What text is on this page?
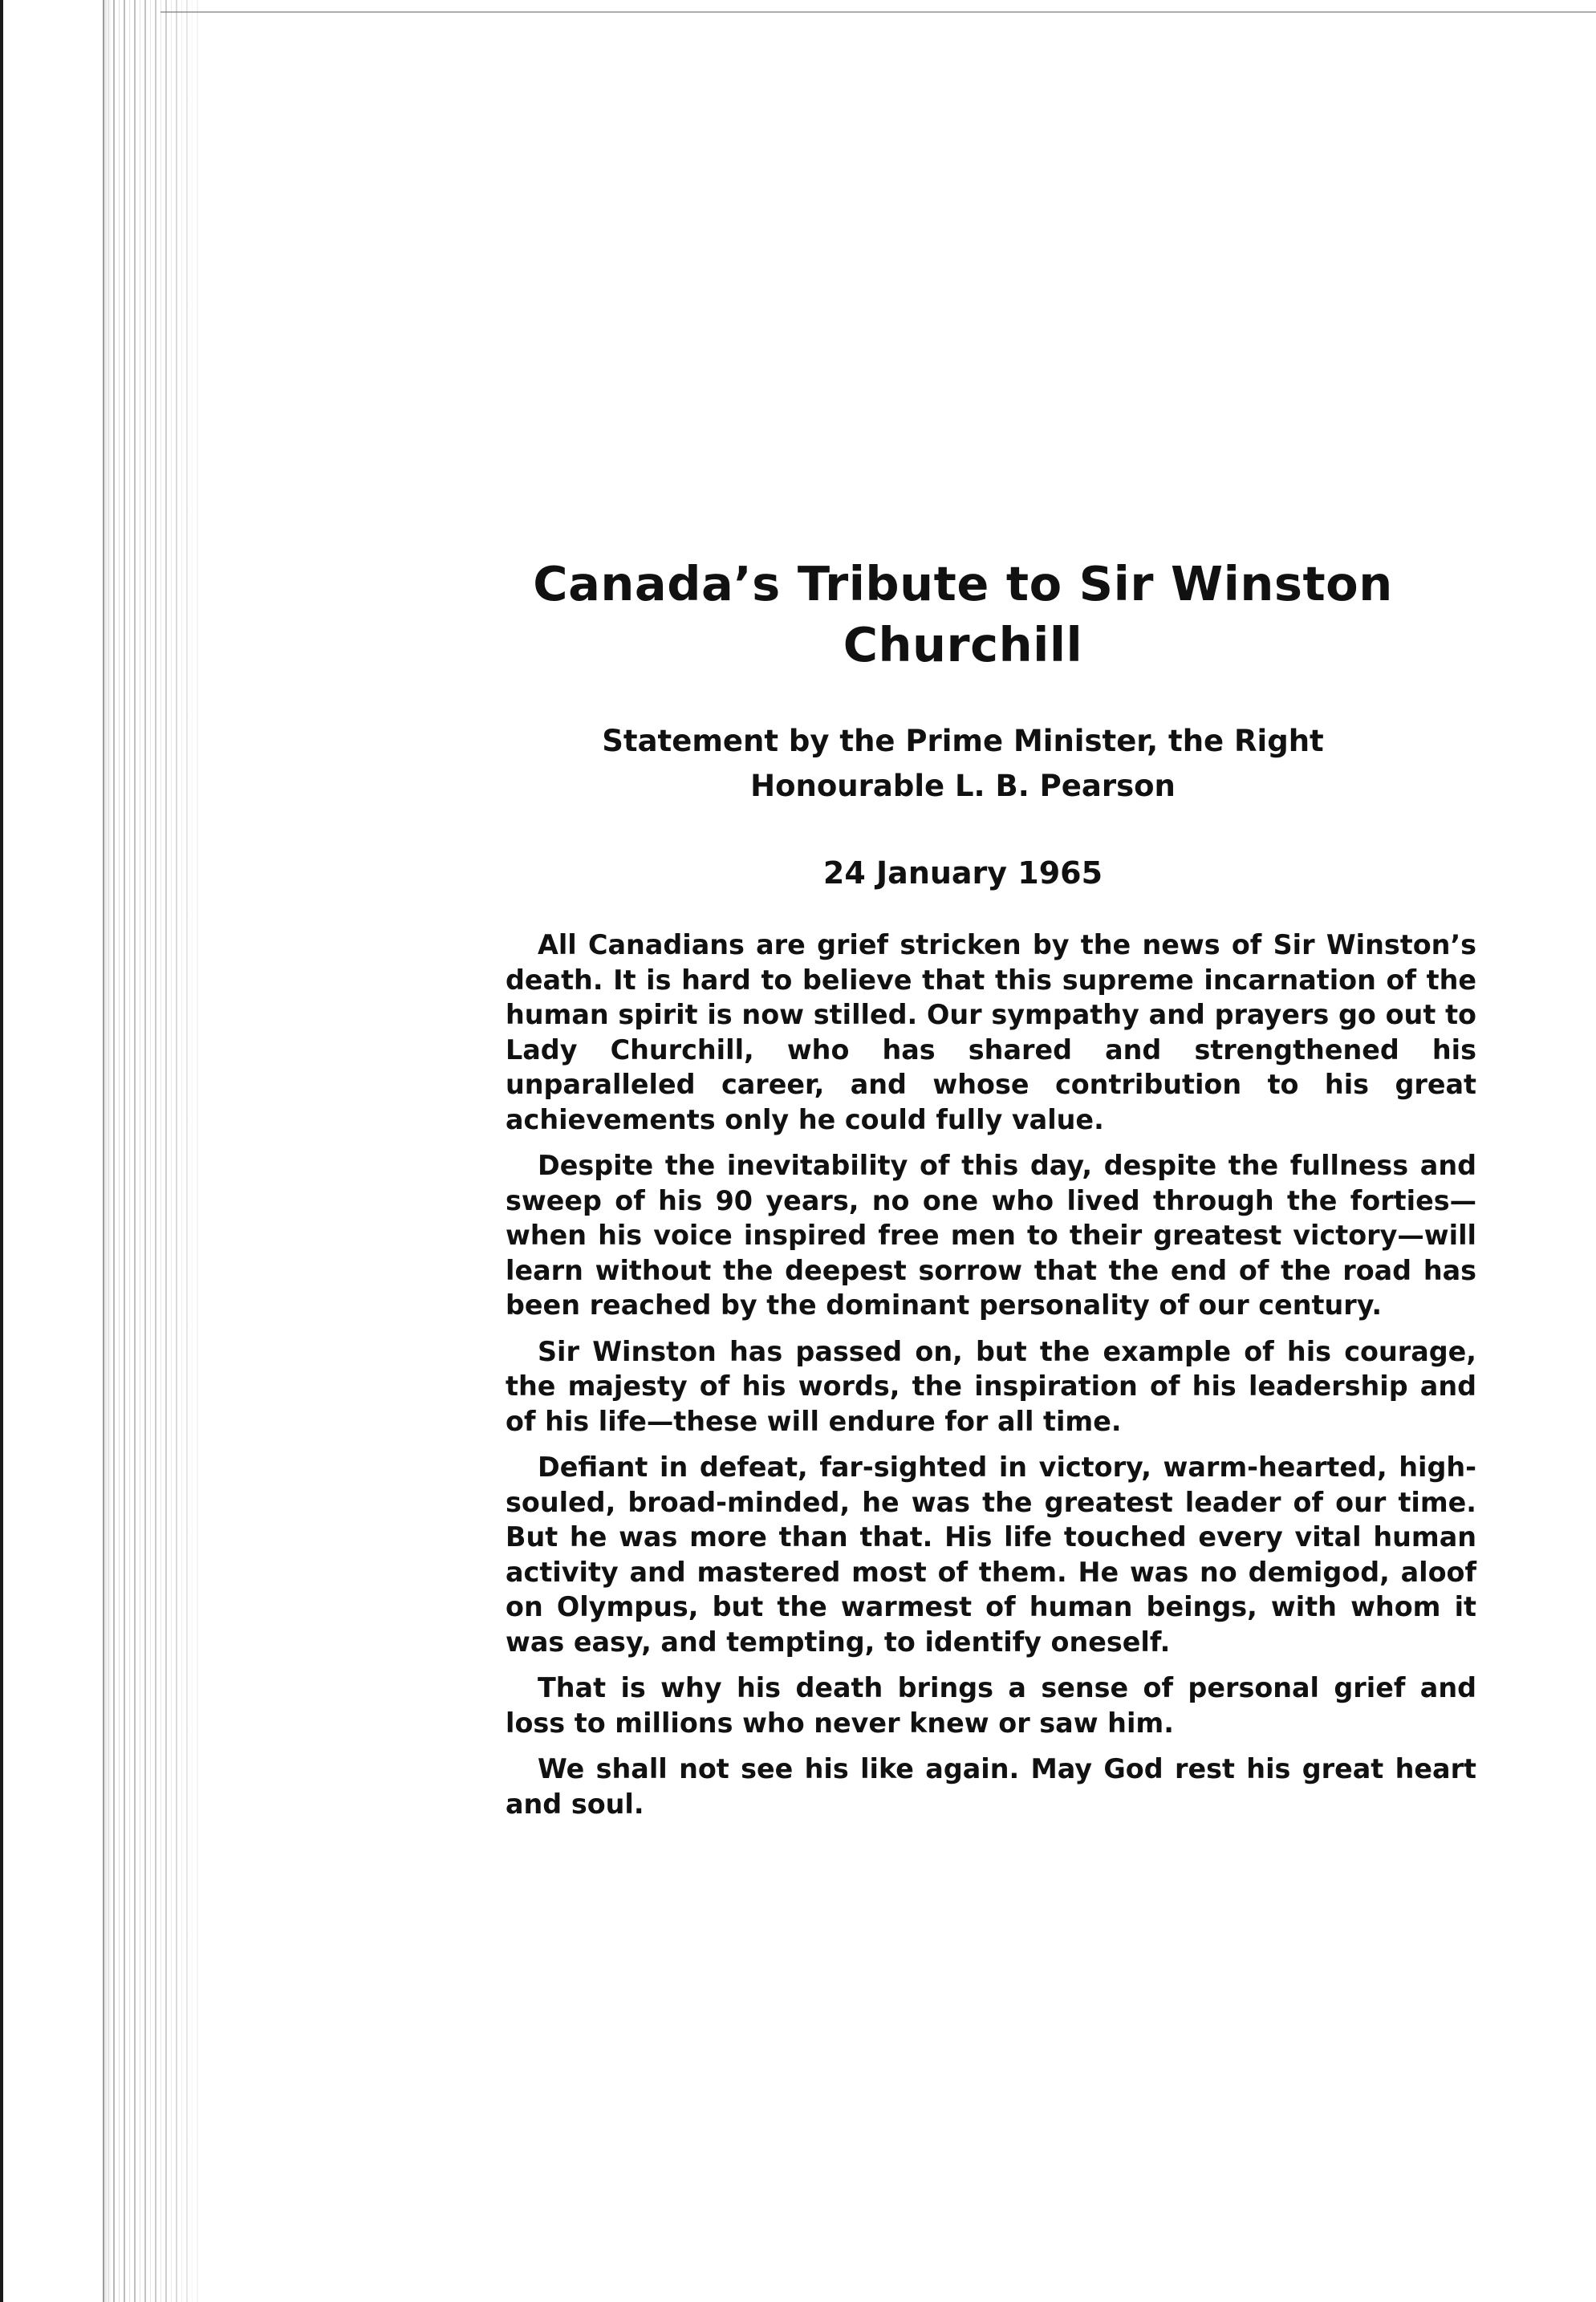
Canada’s Tribute to Sir Winston Churchill
Statement by the Prime Minister, the Right Honourable L. B. Pearson
24 January 1965

All Canadians are grief stricken by the news of Sir Winston’s death. It is hard to believe that this supreme incarnation of the human spirit is now stilled. Our sympathy and prayers go out to Lady Churchill, who has shared and strengthened his unparalleled career, and whose contribution to his great achievements only he could fully value.

Despite the inevitability of this day, despite the fullness and sweep of his 90 years, no one who lived through the forties—when his voice inspired free men to their greatest victory—will learn without the deepest sorrow that the end of the road has been reached by the dominant personality of our century.

Sir Winston has passed on, but the example of his courage, the majesty of his words, the inspiration of his leadership and of his life—these will endure for all time.

Defiant in defeat, far-sighted in victory, warm-hearted, high-souled, broad-minded, he was the greatest leader of our time. But he was more than that. His life touched every vital human activity and mastered most of them. He was no demigod, aloof on Olympus, but the warmest of human beings, with whom it was easy, and tempting, to identify oneself.

That is why his death brings a sense of personal grief and loss to millions who never knew or saw him.

We shall not see his like again. May God rest his great heart and soul.
